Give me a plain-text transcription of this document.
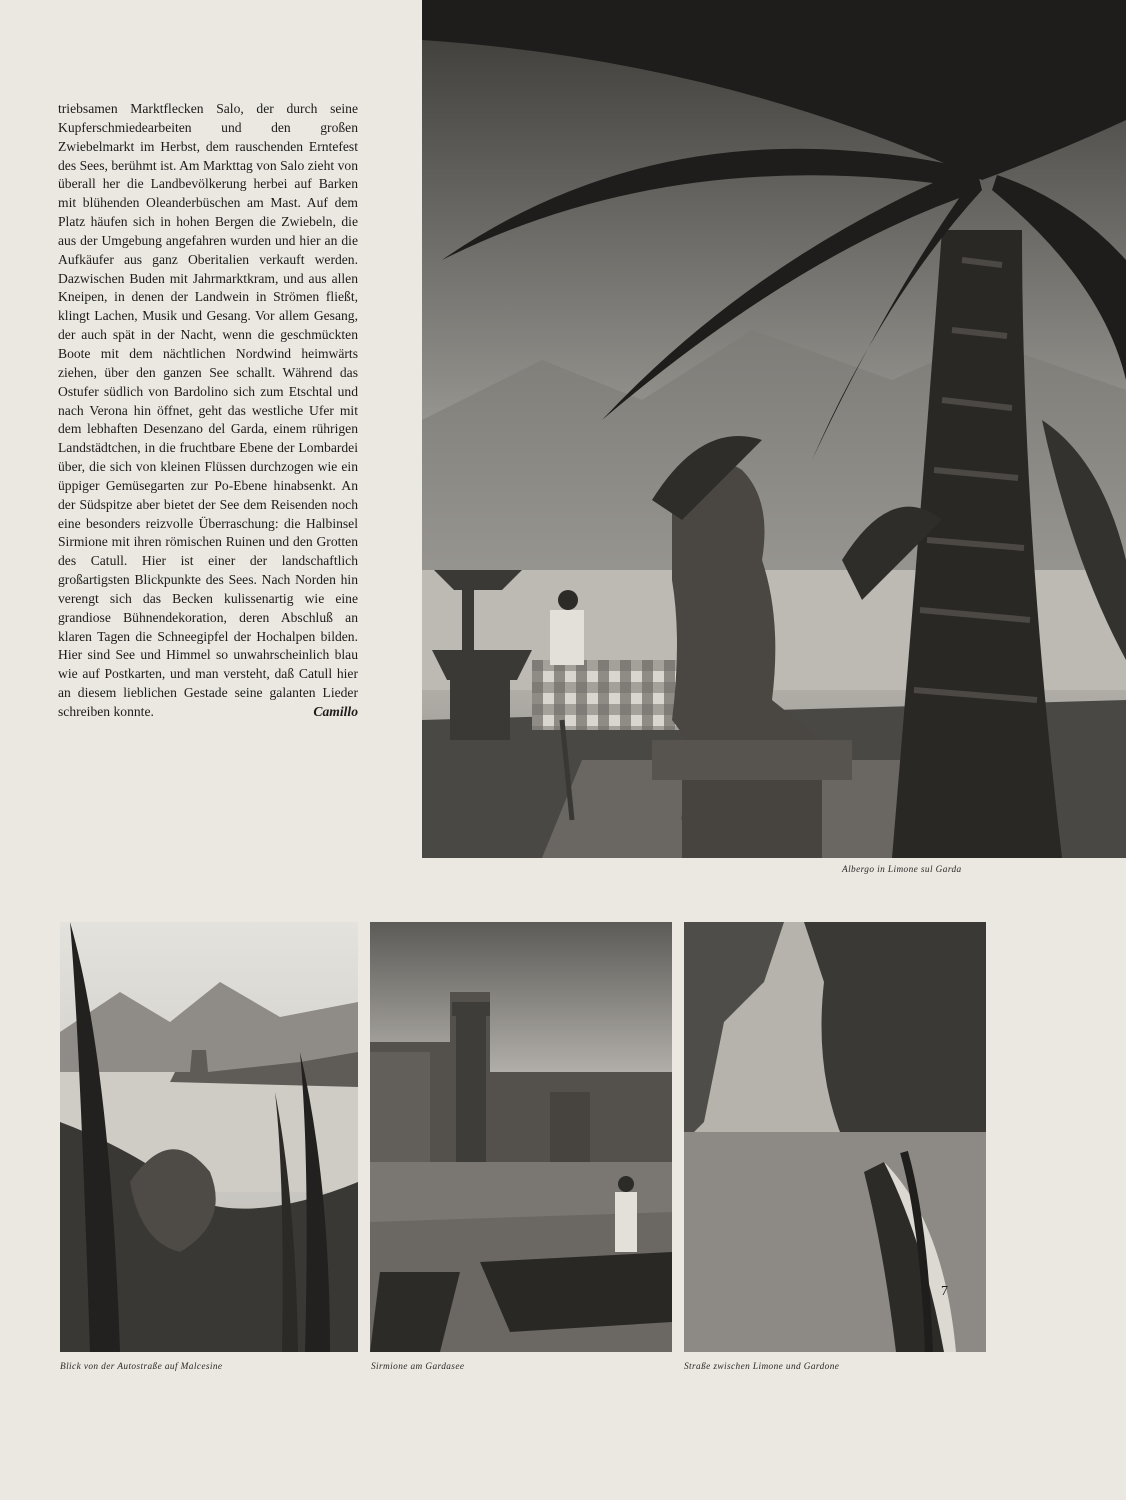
triebsamen Marktflecken Salo, der durch seine Kupferschmiedearbeiten und den großen Zwiebelmarkt im Herbst, dem rauschenden Erntefest des Sees, berühmt ist. Am Markttag von Salo zieht von überall her die Landbevölkerung herbei auf Barken mit blühenden Oleanderbüschen am Mast. Auf dem Platz häufen sich in hohen Bergen die Zwiebeln, die aus der Umgebung angefahren wurden und hier an die Aufkäufer aus ganz Oberitalien verkauft werden. Dazwischen Buden mit Jahrmarktkram, und aus allen Kneipen, in denen der Landwein in Strömen fließt, klingt Lachen, Musik und Gesang. Vor allem Gesang, der auch spät in der Nacht, wenn die geschmückten Boote mit dem nächtlichen Nordwind heimwärts ziehen, über den ganzen See schallt. Während das Ostufer südlich von Bardolino sich zum Etschtal und nach Verona hin öffnet, geht das westliche Ufer mit dem lebhaften Desenzano del Garda, einem rührigen Landstädtchen, in die fruchtbare Ebene der Lombardei über, die sich von kleinen Flüssen durchzogen wie ein üppiger Gemüsegarten zur Po-Ebene hinabsenkt. An der Südspitze aber bietet der See dem Reisenden noch eine besonders reizvolle Überraschung: die Halbinsel Sirmione mit ihren römischen Ruinen und den Grotten des Catull. Hier ist einer der landschaftlich großartigsten Blickpunkte des Sees. Nach Norden hin verengt sich das Becken kulissenartig wie eine grandiose Bühnendekoration, deren Abschluß an klaren Tagen die Schneegipfel der Hochalpen bilden. Hier sind See und Himmel so unwahrscheinlich blau wie auf Postkarten, und man versteht, daß Catull hier an diesem lieblichen Gestade seine galanten Lieder schreiben konnte.	Camillo

Albergo in Limone sul Garda
Blick von der Autostraße auf Malcesine	Sirmione am Gardasee	Straße zwischen Limone und Gardone
7
